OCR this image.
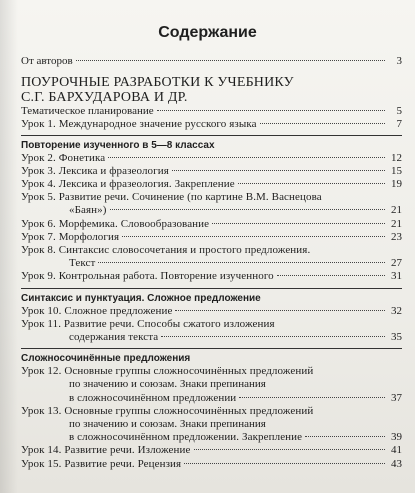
Содержание
От авторов	3
ПОУРОЧНЫЕ РАЗРАБОТКИ К УЧЕБНИКУ
С.Г. БАРХУДАРОВА И ДР.
Тематическое планирование	5
Урок 1. Международное значение русского языка	7
Повторение изученного в 5—8 классах
Урок 2. Фонетика	12
Урок 3. Лексика и фразеология	15
Урок 4. Лексика и фразеология. Закрепление	19
Урок 5. Развитие речи. Сочинение (по картине В.М. Васнецова
«Баян»)	21
Урок 6. Морфемика. Словообразование	21
Урок 7. Морфология	23
Урок 8. Синтаксис словосочетания и простого предложения.
Текст	27
Урок 9. Контрольная работа. Повторение изученного	31
Синтаксис и пунктуация. Сложное предложение
Урок 10. Сложное предложение	32
Урок 11. Развитие речи. Способы сжатого изложения
содержания текста	35
Сложносочинённые предложения
Урок 12. Основные группы сложносочинённых предложений
по значению и союзам. Знаки препинания
в сложносочинённом предложении	37
Урок 13. Основные группы сложносочинённых предложений
по значению и союзам. Знаки препинания
в сложносочинённом предложении. Закрепление	39
Урок 14. Развитие речи. Изложение	41
Урок 15. Развитие речи. Рецензия	43
